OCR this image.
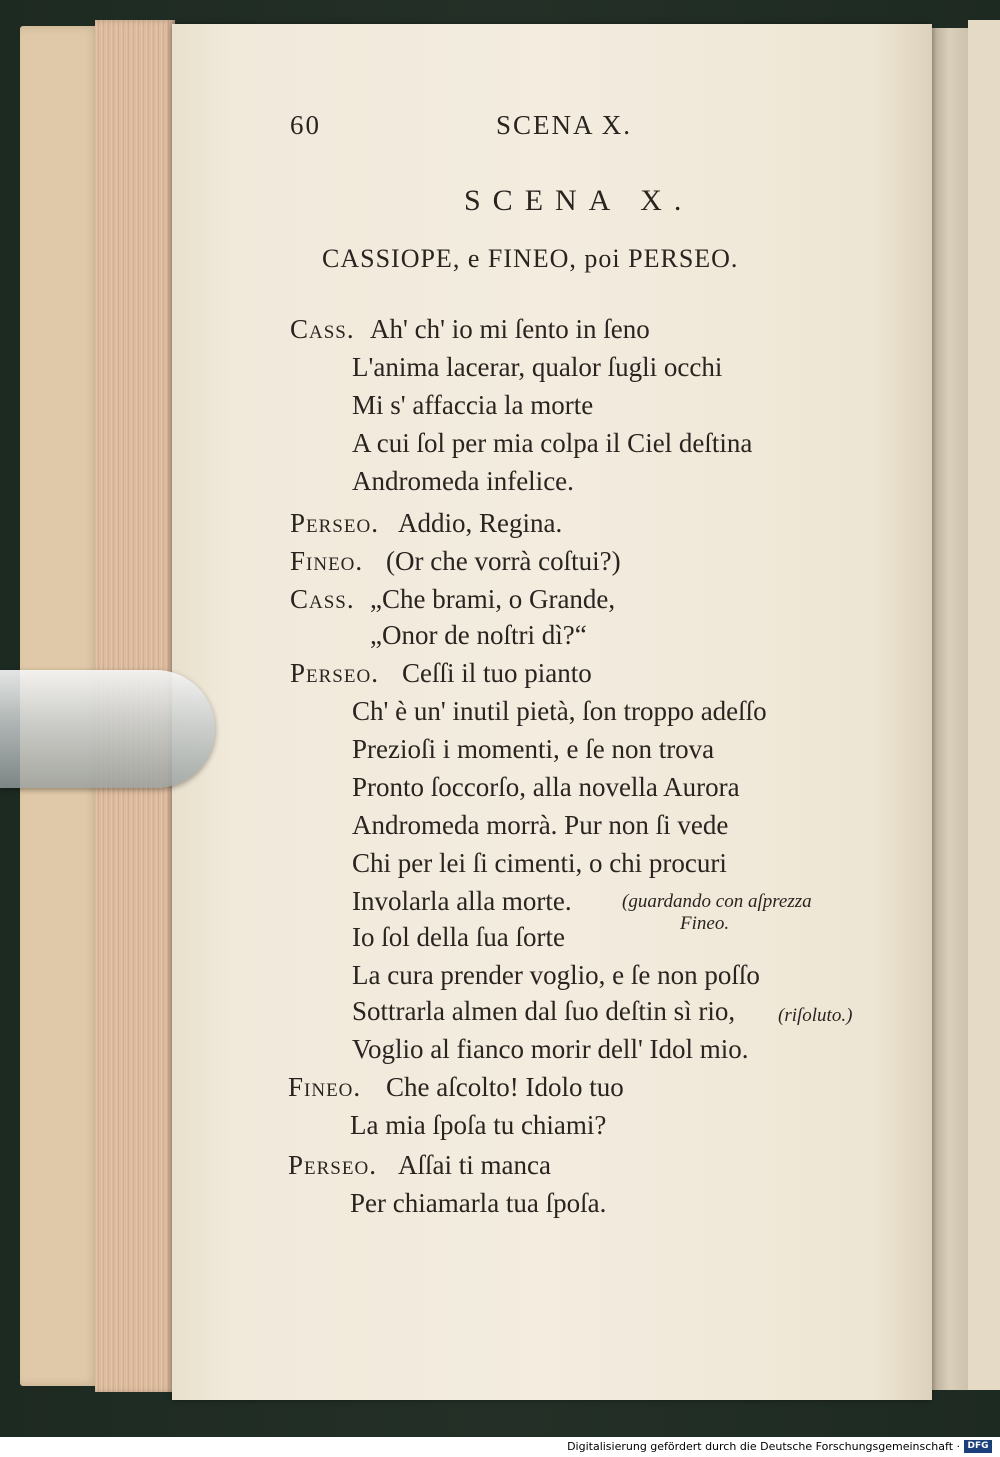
60	SCENA X.
SCENA X.
CASSIOPE, e FINEO, poi PERSEO.
Cass. Ah' ch' io mi ſento in ſeno
L'anima lacerar, qualor ſugli occhi
Mi s' affaccia la morte
A cui ſol per mia colpa il Ciel deſtina
Andromeda infelice.
Perseo. Addio, Regina.
Fineo. (Or che vorrà coſtui?)
Cass. „Che brami, o Grande,
„Onor de noſtri dì?“
Perseo. Ceſſi il tuo pianto
Ch' è un' inutil pietà, ſon troppo adeſſo
Prezioſi i momenti, e ſe non trova
Pronto ſoccorſo, alla novella Aurora
Andromeda morrà. Pur non ſi vede
Chi per lei ſi cimenti, o chi procuri
Involarla alla morte.	(guardando con aſprezza
Fineo.
Io ſol della ſua ſorte
La cura prender voglio, e ſe non poſſo
Sottrarla almen dal ſuo deſtin sì rio, (riſoluto.)
Voglio al fianco morir dell' Idol mio.
Fineo. Che aſcolto! Idolo tuo
La mia ſpoſa tu chiami?
Perseo. Aſſai ti manca
Per chiamarla tua ſpoſa.
Digitalisierung gefördert durch die Deutsche Forschungsgemeinschaft · DFG
